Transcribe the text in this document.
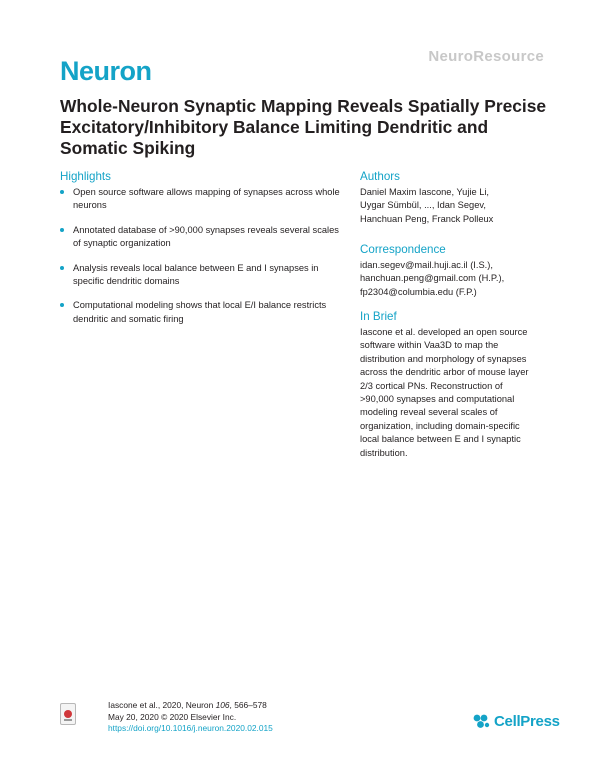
Neuron	NeuroResource
Whole-Neuron Synaptic Mapping Reveals Spatially Precise Excitatory/Inhibitory Balance Limiting Dendritic and Somatic Spiking
Highlights
Open source software allows mapping of synapses across whole neurons
Annotated database of >90,000 synapses reveals several scales of synaptic organization
Analysis reveals local balance between E and I synapses in specific dendritic domains
Computational modeling shows that local E/I balance restricts dendritic and somatic firing
Authors
Daniel Maxim Iascone, Yujie Li,
Uygar Sümbül, ..., Idan Segev,
Hanchuan Peng, Franck Polleux
Correspondence
idan.segev@mail.huji.ac.il (I.S.),
hanchuan.peng@gmail.com (H.P.),
fp2304@columbia.edu (F.P.)
In Brief
Iascone et al. developed an open source
software within Vaa3D to map the
distribution and morphology of synapses
across the dendritic arbor of mouse layer
2/3 cortical PNs. Reconstruction of
>90,000 synapses and computational
modeling reveal several scales of
organization, including domain-specific
local balance between E and I synaptic
distribution.
Iascone et al., 2020, Neuron 106, 566–578
May 20, 2020 © 2020 Elsevier Inc.
https://doi.org/10.1016/j.neuron.2020.02.015	CellPress
